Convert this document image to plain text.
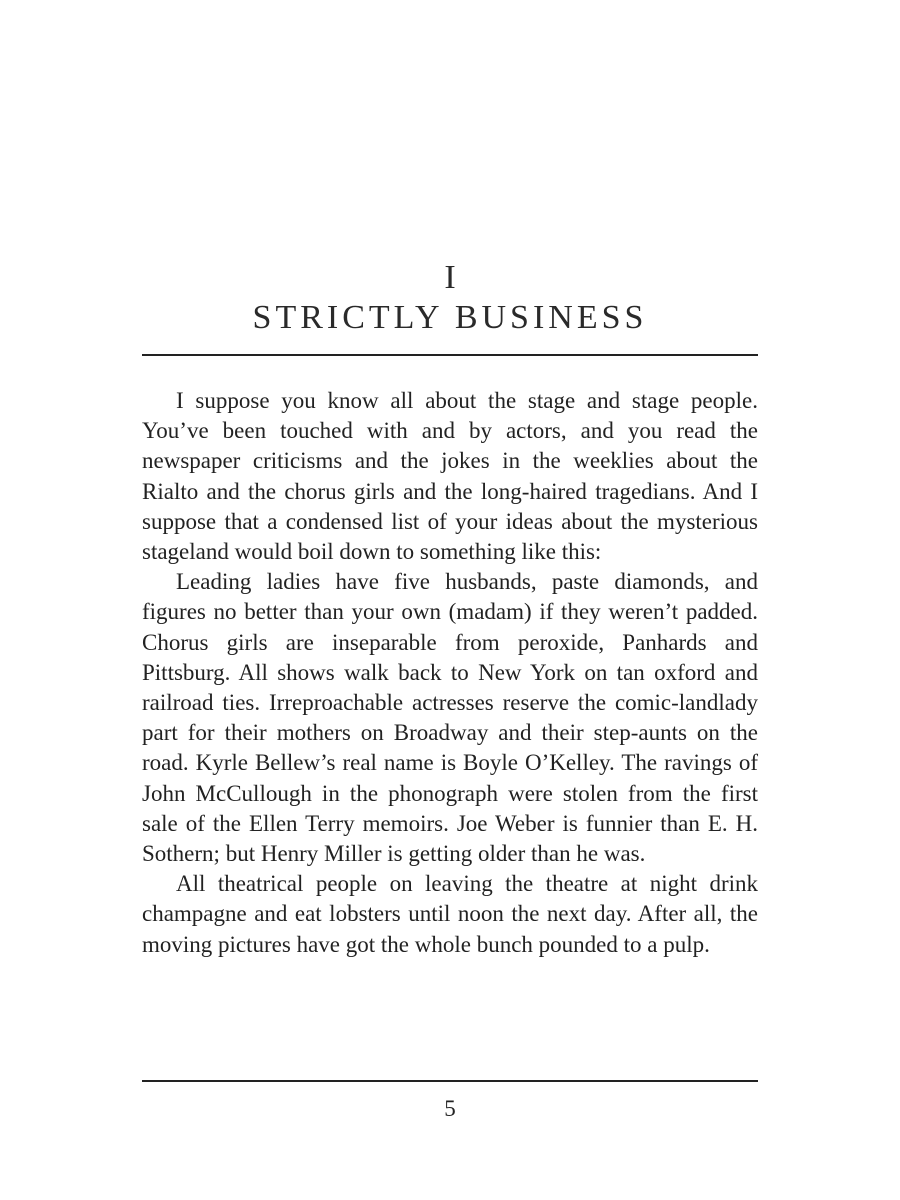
I
STRICTLY BUSINESS

I suppose you know all about the stage and stage people. You’ve been touched with and by actors, and you read the newspaper criticisms and the jokes in the weeklies about the Rialto and the chorus girls and the long-haired tragedians. And I suppose that a condensed list of your ideas about the mysterious stageland would boil down to something like this:

Leading ladies have five husbands, paste diamonds, and figures no better than your own (madam) if they weren’t padded. Chorus girls are inseparable from peroxide, Panhards and Pittsburg. All shows walk back to New York on tan oxford and railroad ties. Irreproachable actresses reserve the comic-landlady part for their mothers on Broadway and their step-aunts on the road. Kyrle Bellew’s real name is Boyle O’Kelley. The ravings of John McCullough in the phonograph were stolen from the first sale of the Ellen Terry memoirs. Joe Weber is funnier than E. H. Sothern; but Henry Miller is getting older than he was.

All theatrical people on leaving the theatre at night drink champagne and eat lobsters until noon the next day. After all, the moving pictures have got the whole bunch pounded to a pulp.

5
